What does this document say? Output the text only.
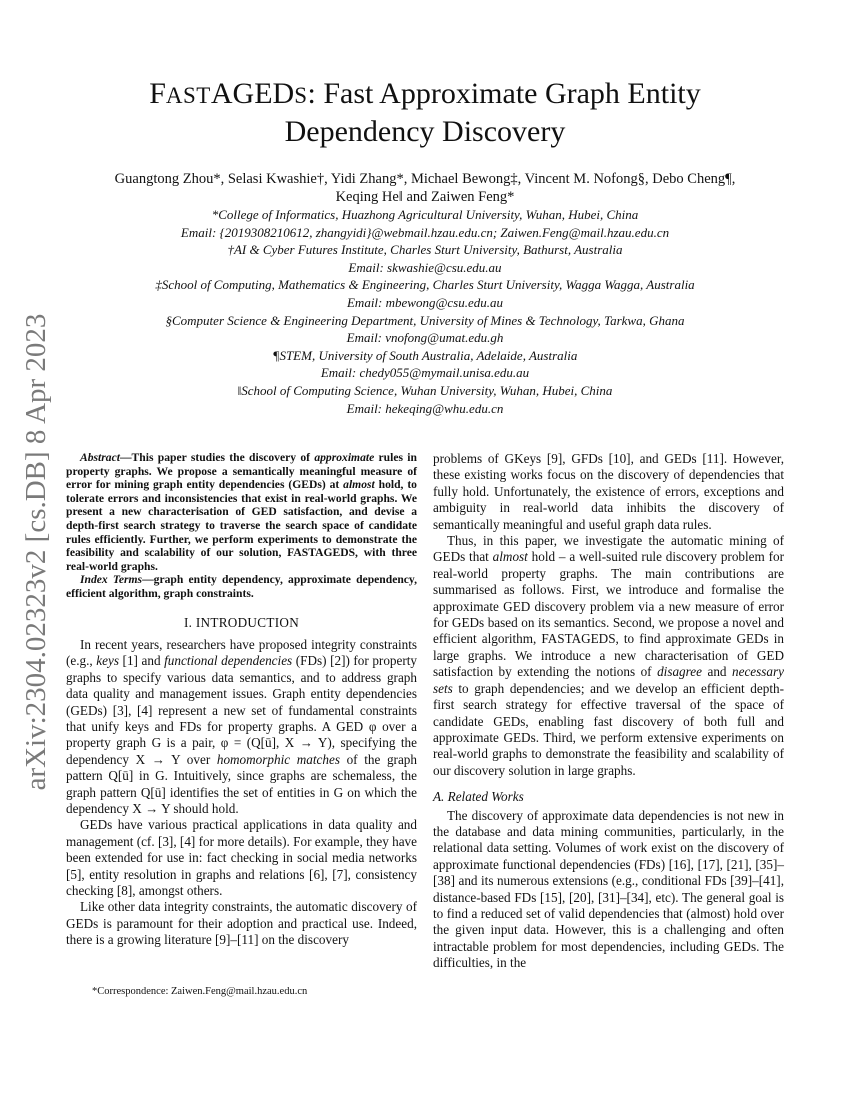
arXiv:2304.02323v2 [cs.DB] 8 Apr 2023
FASTAGEDS: Fast Approximate Graph Entity
Dependency Discovery
Guangtong Zhou*, Selasi Kwashie†, Yidi Zhang*, Michael Bewong‡, Vincent M. Nofong§, Debo Cheng¶,
Keqing He‖ and Zaiwen Feng*
*College of Informatics, Huazhong Agricultural University, Wuhan, Hubei, China
Email: {2019308210612, zhangyidi}@webmail.hzau.edu.cn; Zaiwen.Feng@mail.hzau.edu.cn
†AI & Cyber Futures Institute, Charles Sturt University, Bathurst, Australia
Email: skwashie@csu.edu.au
‡School of Computing, Mathematics & Engineering, Charles Sturt University, Wagga Wagga, Australia
Email: mbewong@csu.edu.au
§Computer Science & Engineering Department, University of Mines & Technology, Tarkwa, Ghana
Email: vnofong@umat.edu.gh
¶STEM, University of South Australia, Adelaide, Australia
Email: chedy055@mymail.unisa.edu.au
‖School of Computing Science, Wuhan University, Wuhan, Hubei, China
Email: hekeqing@whu.edu.cn

Abstract—This paper studies the discovery of approximate rules in property graphs. We propose a semantically meaningful measure of error for mining graph entity dependencies (GEDs) at almost hold, to tolerate errors and inconsistencies that exist in real-world graphs. We present a new characterisation of GED satisfaction, and devise a depth-first search strategy to traverse the search space of candidate rules efficiently. Further, we perform experiments to demonstrate the feasibility and scalability of our solution, FASTAGEDS, with three real-world graphs.

Index Terms—graph entity dependency, approximate dependency, efficient algorithm, graph constraints.

I. INTRODUCTION

In recent years, researchers have proposed integrity constraints (e.g., keys [1] and functional dependencies (FDs) [2]) for property graphs to specify various data semantics, and to address graph data quality and management issues. Graph entity dependencies (GEDs) [3], [4] represent a new set of fundamental constraints that unify keys and FDs for property graphs. A GED φ over a property graph G is a pair, φ = (Q[ū], X → Y), specifying the dependency X → Y over homomorphic matches of the graph pattern Q[ū] in G. Intuitively, since graphs are schemaless, the graph pattern Q[ū] identifies the set of entities in G on which the dependency X → Y should hold.

GEDs have various practical applications in data quality and management (cf. [3], [4] for more details). For example, they have been extended for use in: fact checking in social media networks [5], entity resolution in graphs and relations [6], [7], consistency checking [8], amongst others.

Like other data integrity constraints, the automatic discovery of GEDs is paramount for their adoption and practical use. Indeed, there is a growing literature [9]–[11] on the discovery

*Correspondence: Zaiwen.Feng@mail.hzau.edu.cn

problems of GKeys [9], GFDs [10], and GEDs [11]. However, these existing works focus on the discovery of dependencies that fully hold. Unfortunately, the existence of errors, exceptions and ambiguity in real-world data inhibits the discovery of semantically meaningful and useful graph data rules.

Thus, in this paper, we investigate the automatic mining of GEDs that almost hold – a well-suited rule discovery problem for real-world property graphs. The main contributions are summarised as follows. First, we introduce and formalise the approximate GED discovery problem via a new measure of error for GEDs based on its semantics. Second, we propose a novel and efficient algorithm, FASTAGEDS, to find approximate GEDs in large graphs. We introduce a new characterisation of GED satisfaction by extending the notions of disagree and necessary sets to graph dependencies; and we develop an efficient depth-first search strategy for effective traversal of the space of candidate GEDs, enabling fast discovery of both full and approximate GEDs. Third, we perform extensive experiments on real-world graphs to demonstrate the feasibility and scalability of our discovery solution in large graphs.

A. Related Works

The discovery of approximate data dependencies is not new in the database and data mining communities, particularly, in the relational data setting. Volumes of work exist on the discovery of approximate functional dependencies (FDs) [16], [17], [21], [35]–[38] and its numerous extensions (e.g., conditional FDs [39]–[41], distance-based FDs [15], [20], [31]–[34], etc). The general goal is to find a reduced set of valid dependencies that (almost) hold over the given input data. However, this is a challenging and often intractable problem for most dependencies, including GEDs. The difficulties, in the
